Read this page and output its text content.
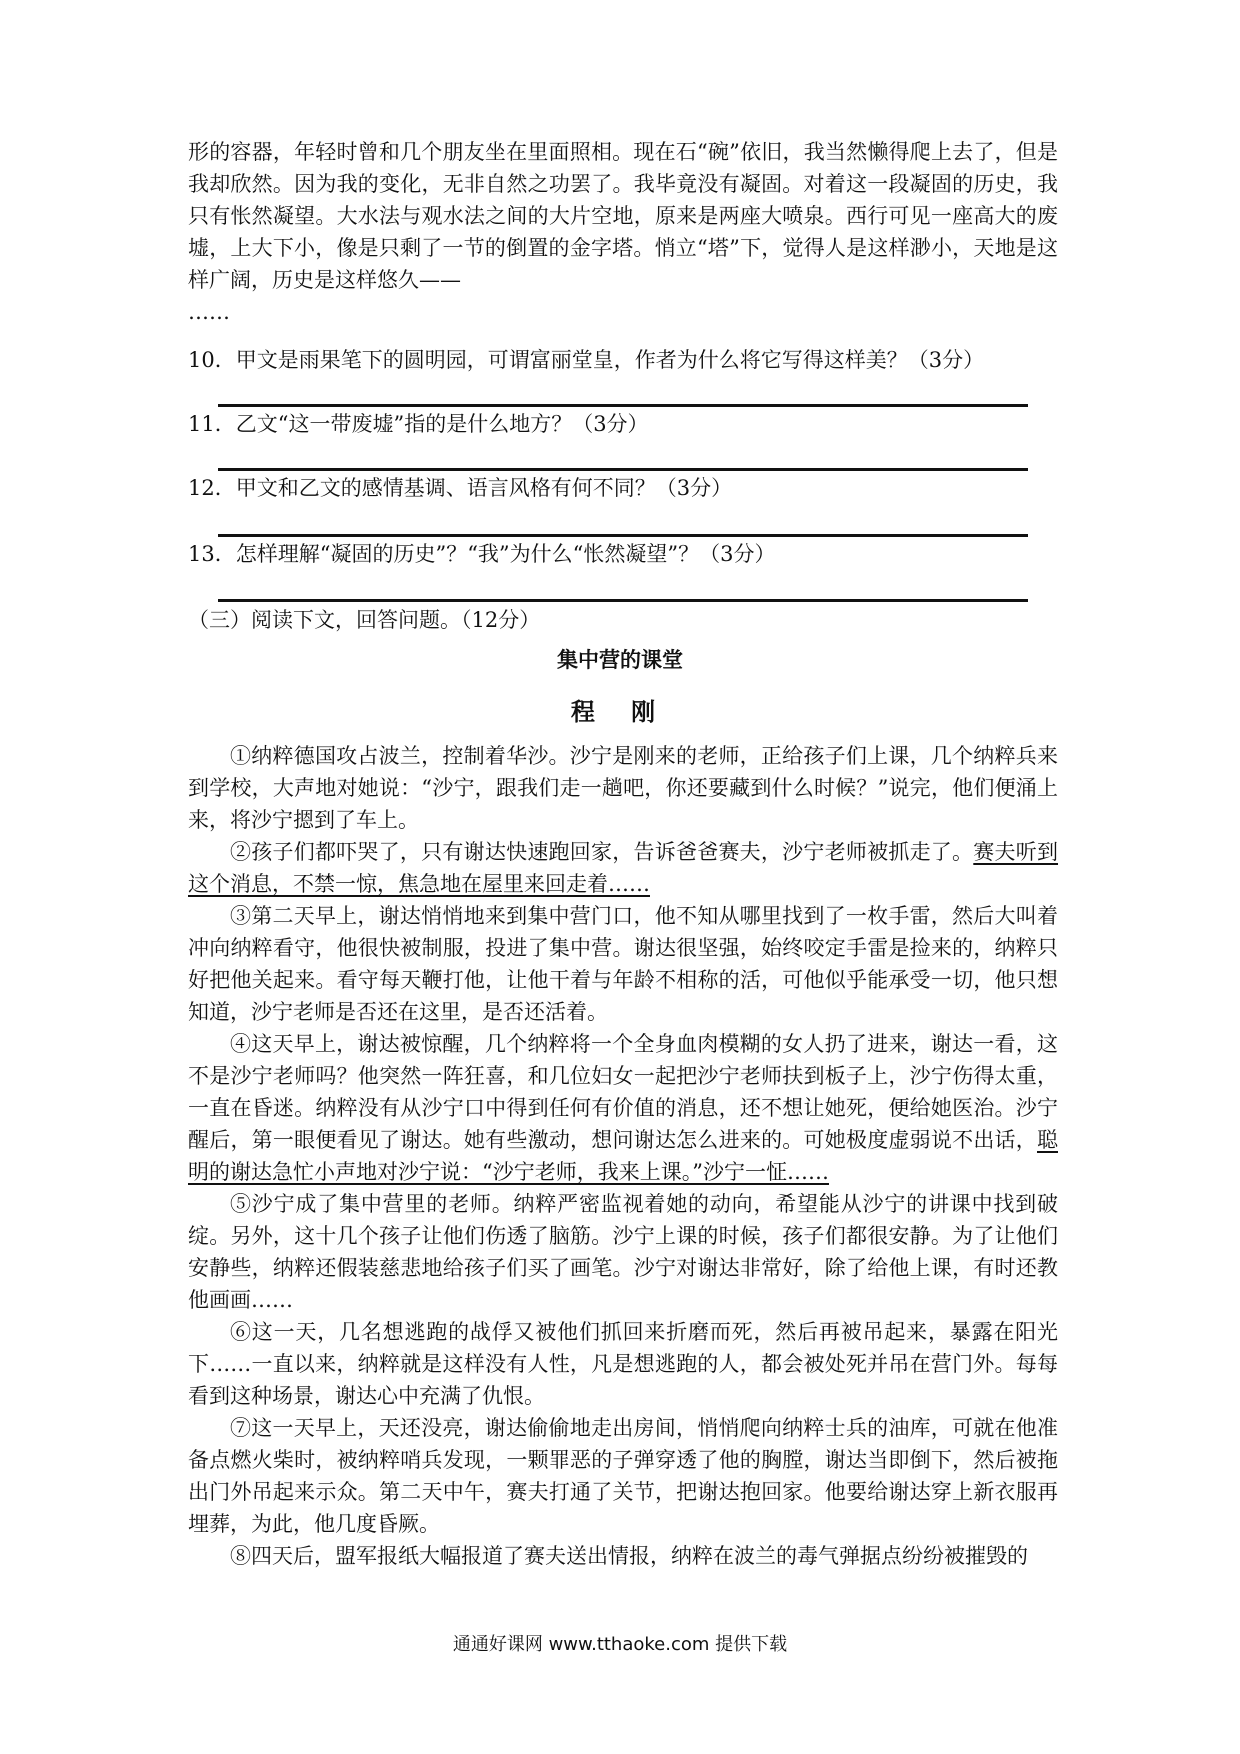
形的容器，年轻时曾和几个朋友坐在里面照相。现在石“碗”依旧，我当然懒得爬上去了，但是我却欣然。因为我的变化，无非自然之功罢了。我毕竟没有凝固。对着这一段凝固的历史，我只有怅然凝望。大水法与观水法之间的大片空地，原来是两座大喷泉。西行可见一座高大的废墟，上大下小，像是只剩了一节的倒置的金字塔。悄立“塔”下，觉得人是这样渺小，天地是这样广阔，历史是这样悠久——

……

10．甲文是雨果笔下的圆明园，可谓富丽堂皇，作者为什么将它写得这样美？（3分）
11．乙文“这一带废墟”指的是什么地方？（3分）
12．甲文和乙文的感情基调、语言风格有何不同？（3分）
13．怎样理解“凝固的历史”？“我”为什么“怅然凝望”？（3分）
（三）阅读下文，回答问题。（12分）
集中营的课堂
程 刚

①纳粹德国攻占波兰，控制着华沙。沙宁是刚来的老师，正给孩子们上课，几个纳粹兵来到学校，大声地对她说：“沙宁，跟我们走一趟吧，你还要藏到什么时候？”说完，他们便涌上来，将沙宁摁到了车上。

②孩子们都吓哭了，只有谢达快速跑回家，告诉爸爸赛夫，沙宁老师被抓走了。赛夫听到这个消息，不禁一惊，焦急地在屋里来回走着……

③第二天早上，谢达悄悄地来到集中营门口，他不知从哪里找到了一枚手雷，然后大叫着冲向纳粹看守，他很快被制服，投进了集中营。谢达很坚强，始终咬定手雷是捡来的，纳粹只好把他关起来。看守每天鞭打他，让他干着与年龄不相称的活，可他似乎能承受一切，他只想知道，沙宁老师是否还在这里，是否还活着。

④这天早上，谢达被惊醒，几个纳粹将一个全身血肉模糊的女人扔了进来，谢达一看，这不是沙宁老师吗？他突然一阵狂喜，和几位妇女一起把沙宁老师扶到板子上，沙宁伤得太重，一直在昏迷。纳粹没有从沙宁口中得到任何有价值的消息，还不想让她死，便给她医治。沙宁醒后，第一眼便看见了谢达。她有些激动，想问谢达怎么进来的。可她极度虚弱说不出话，聪明的谢达急忙小声地对沙宁说：“沙宁老师，我来上课。”沙宁一怔……

⑤沙宁成了集中营里的老师。纳粹严密监视着她的动向，希望能从沙宁的讲课中找到破绽。另外，这十几个孩子让他们伤透了脑筋。沙宁上课的时候，孩子们都很安静。为了让他们安静些，纳粹还假装慈悲地给孩子们买了画笔。沙宁对谢达非常好，除了给他上课，有时还教他画画……

⑥这一天，几名想逃跑的战俘又被他们抓回来折磨而死，然后再被吊起来，暴露在阳光下……一直以来，纳粹就是这样没有人性，凡是想逃跑的人，都会被处死并吊在营门外。每每看到这种场景，谢达心中充满了仇恨。

⑦这一天早上，天还没亮，谢达偷偷地走出房间，悄悄爬向纳粹士兵的油库，可就在他准备点燃火柴时，被纳粹哨兵发现，一颗罪恶的子弹穿透了他的胸膛，谢达当即倒下，然后被拖出门外吊起来示众。第二天中午，赛夫打通了关节，把谢达抱回家。他要给谢达穿上新衣服再埋葬，为此，他几度昏厥。

⑧四天后，盟军报纸大幅报道了赛夫送出情报，纳粹在波兰的毒气弹据点纷纷被摧毁的

通通好课网 www.tthaoke.com 提供下载
